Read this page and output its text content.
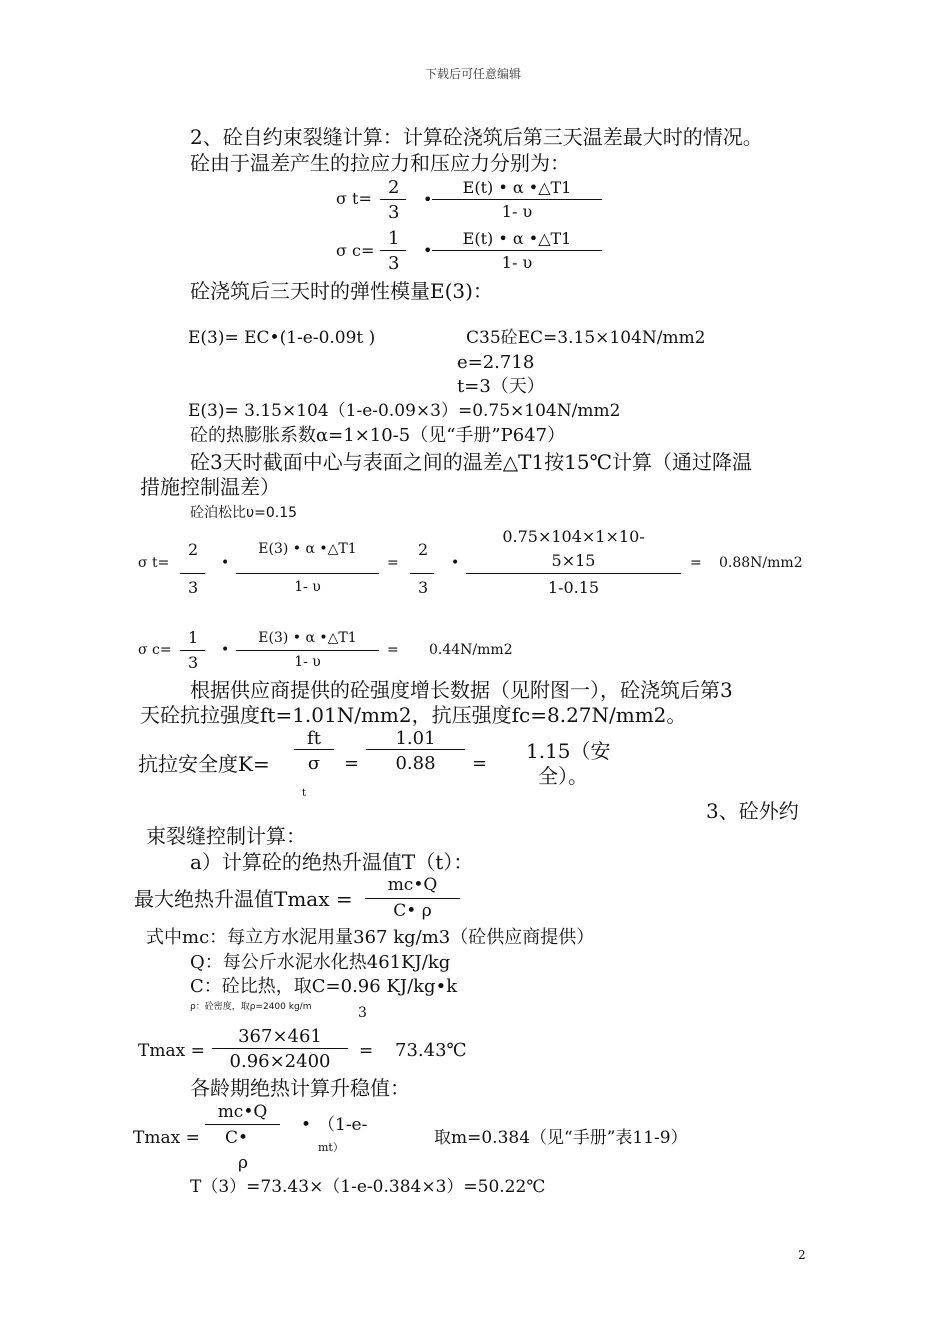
下载后可任意编辑
2、砼自约束裂缝计算：计算砼浇筑后第三天温差最大时的情况。
砼由于温差产生的拉应力和压应力分别为：
σ t=
2
3
•
E(t) • α •△T1
1- υ
σ c=
1
3
•
E(t) • α •△T1
1- υ
砼浇筑后三天时的弹性模量E(3)：
E(3)= EC•(1-e-0.09t )	C35砼EC=3.15×104N/mm2
e=2.718
t=3（天）
E(3)= 3.15×104（1-e-0.09×3）=0.75×104N/mm2
砼的热膨胀系数α=1×10-5（见“手册”P647）
砼3天时截面中心与表面之间的温差△T1按15℃计算（通过降温
措施控制温差）
砼泊松比υ=0.15
σ t=
2
3
•
E(3) • α •△T1
1- υ
=
2
3
•
0.75×104×1×10-
5×15
1-0.15
= 0.88N/mm2
σ c=
1
3
•
E(3) • α •△T1
1- υ
= 0.44N/mm2
根据供应商提供的砼强度增长数据（见附图一），砼浇筑后第3
天砼抗拉强度ft=1.01N/mm2，抗压强度fc=8.27N/mm2。
抗拉安全度K=
ft
σ
t
=
1.01
0.88	=
1.15（安
全）。
3、砼外约
束裂缝控制计算：
a）计算砼的绝热升温值T（t）：
最大绝热升温值Tmax =
mc•Q
C• ρ
式中mc：每立方水泥用量367 kg/m3（砼供应商提供）
Q：每公斤水泥水化热461KJ/kg
C：砼比热，取C=0.96 KJ/kg•k
ρ：砼密度，取ρ=2400 kg/m	3
Tmax =
367×461
0.96×2400	= 73.43℃
各龄期绝热计算升稳值：
Tmax =
mc•Q
C•
ρ
• （1-e-
mt）	取m=0.384（见“手册”表11-9）
T（3）=73.43×（1-e-0.384×3）=50.22℃
2
